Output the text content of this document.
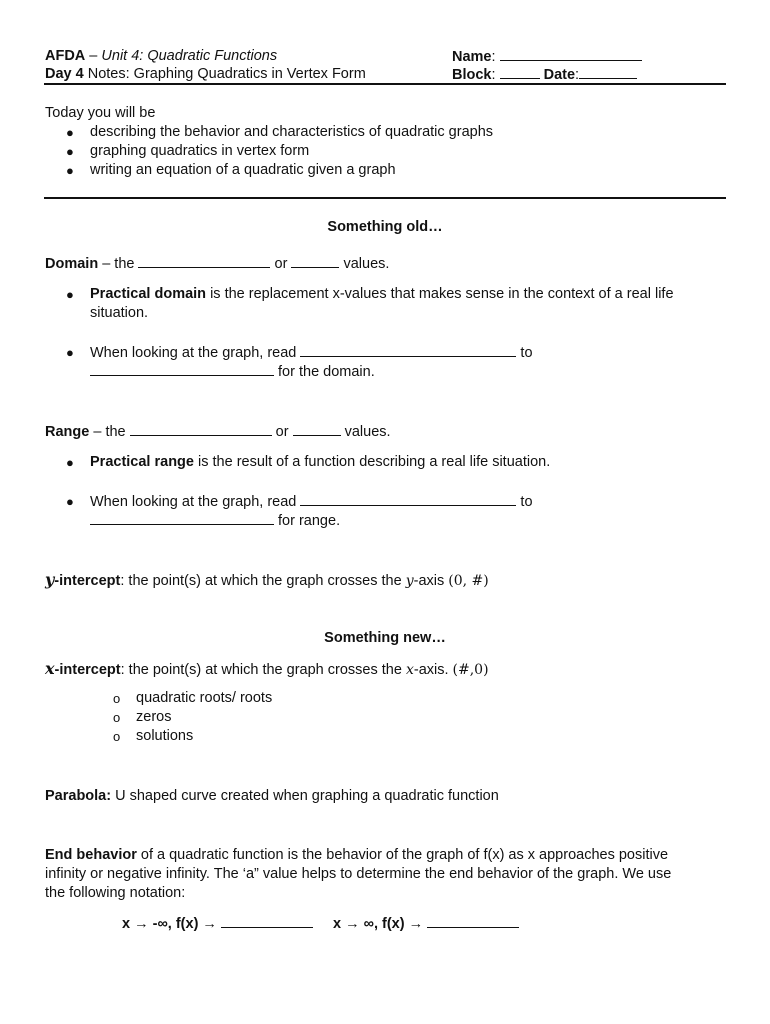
AFDA – Unit 4: Quadratic Functions
Day 4 Notes: Graphing Quadratics in Vertex Form
Name:
Block:	Date:
Today you will be
● describing the behavior and characteristics of quadratic graphs
● graphing quadratics in vertex form
● writing an equation of a quadratic given a graph
Something old…
Domain – the	or	values.
● Practical domain is the replacement x-values that makes sense in the context of a real life
situation.
● When looking at the graph, read	to
for the domain.
Range – the	or	values.
● Practical range is the result of a function describing a real life situation.
● When looking at the graph, read	to
for range.
y-intercept: the point(s) at which the graph crosses the y-axis (0, #)
Something new…
x-intercept: the point(s) at which the graph crosses the x-axis. (#,0)
o quadratic roots/ roots
o zeros
o solutions
Parabola: U shaped curve created when graphing a quadratic function
End behavior of a quadratic function is the behavior of the graph of f(x) as x approaches positive
infinity or negative infinity. The ‘a” value helps to determine the end behavior of the graph. We use
the following notation:
x → -∞, f(x) →	x → ∞, f(x) →
